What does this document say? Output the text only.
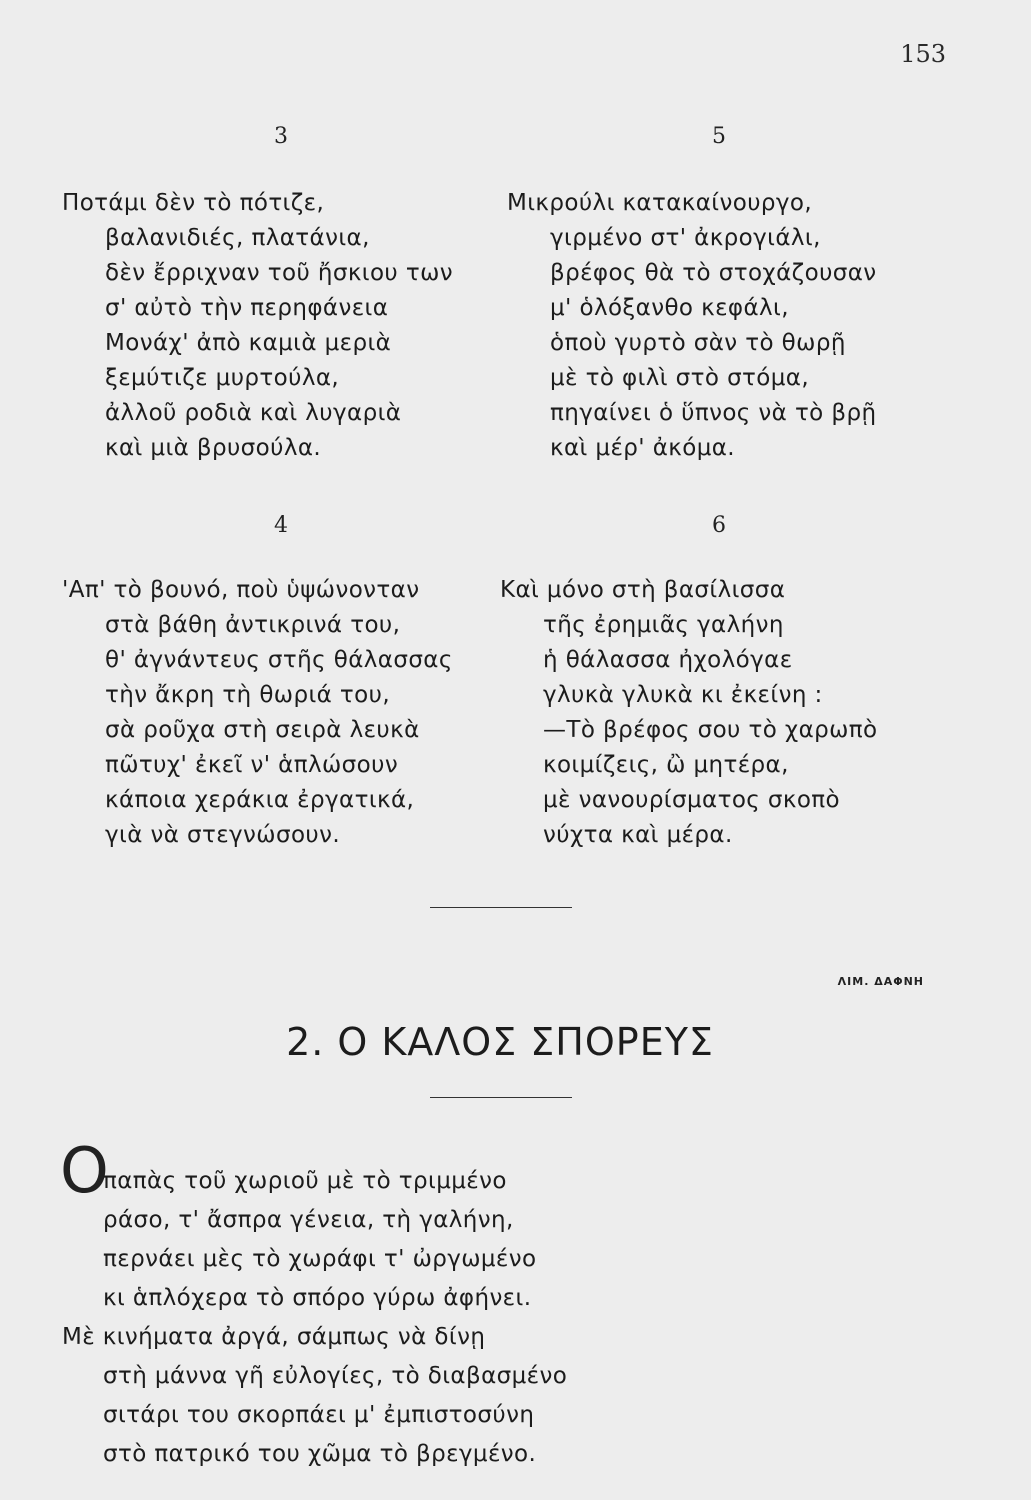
153
3
Ποτάμι δὲν τὸ πότιζε,
βαλανιδιές, πλατάνια,
δὲν ἔρριχναν τοῦ ἤσκιου των
σ' αὐτὸ τὴν περηφάνεια
Μονάχ' ἀπὸ καμιὰ μεριὰ
ξεμύτιζε μυρτούλα,
ἀλλοῦ ροδιὰ καὶ λυγαριὰ
καὶ μιὰ βρυσούλα.
5
Μικρούλι κατακαίνουργο,
γιρμένο στ' ἀκρογιάλι,
βρέφος θὰ τὸ στοχάζουσαν
μ' ὁλόξανθο κεφάλι,
ὁποὺ γυρτὸ σὰν τὸ θωρῇ
μὲ τὸ φιλὶ στὸ στόμα,
πηγαίνει ὁ ὕπνος νὰ τὸ βρῇ
καὶ μέρ' ἀκόμα.
4
'Απ' τὸ βουνό, ποὺ ὑψώνονταν
στὰ βάθη ἀντικρινά του,
θ' ἀγνάντευς στῆς θάλασσας
τὴν ἄκρη τὴ θωριά του,
σὰ ροῦχα στὴ σειρὰ λευκὰ
πῶτυχ' ἐκεῖ ν' ἁπλώσουν
κάποια χεράκια ἐργατικά,
γιὰ νὰ στεγνώσουν.
6
Καὶ μόνο στὴ βασίλισσα
τῆς ἐρημιᾶς γαλήνη
ἡ θάλασσα ἠχολόγαε
γλυκὰ γλυκὰ κι ἐκείνη :
—Τὸ βρέφος σου τὸ χαρωπὸ
κοιμίζεις, ὢ μητέρα,
μὲ νανουρίσματος σκοπὸ
νύχτα καὶ μέρα.
ΛΙΜ. ΔΑΦΝΗ
2. Ο ΚΑΛΟΣ ΣΠΟΡΕΥΣ
Ο
παπὰς τοῦ χωριοῦ μὲ τὸ τριμμένο
ράσο, τ' ἄσπρα γένεια, τὴ γαλήνη,
περνάει μὲς τὸ χωράφι τ' ὠργωμένο
κι ἁπλόχερα τὸ σπόρο γύρω ἀφήνει.
Μὲ κινήματα ἀργά, σάμπως νὰ δίνῃ
στὴ μάννα γῆ εὐλογίες, τὸ διαβασμένο
σιτάρι του σκορπάει μ' ἐμπιστοσύνη
στὸ πατρικό του χῶμα τὸ βρεγμένο.
